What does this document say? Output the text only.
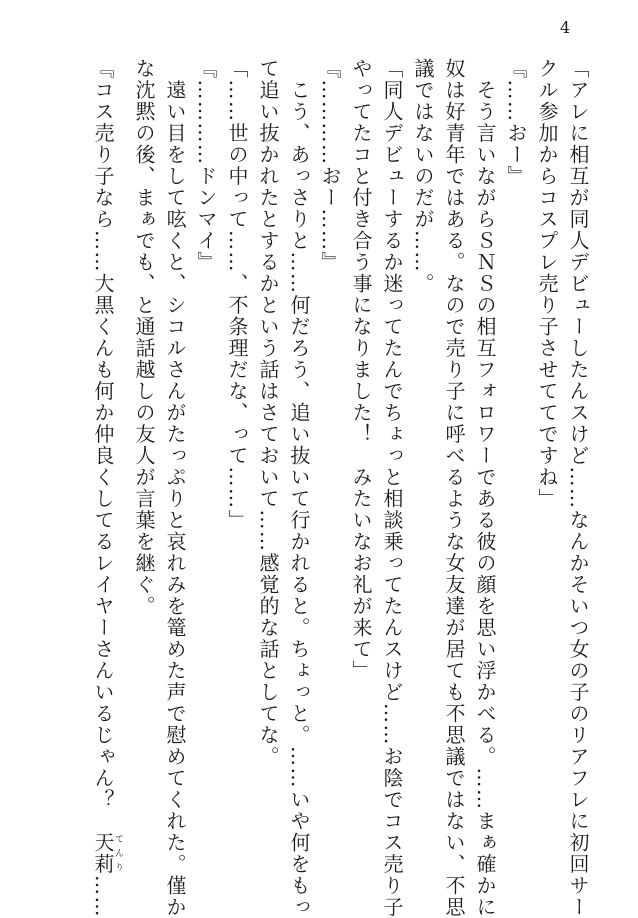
4
「アレに相互が同人デビューしたんスけど……なんかそいつ女の子のリアフレに初回サー
クル参加からコスプレ売り子させててですね」
『……おー』
　そう言いながらＳＮＳの相互フォロワーである彼の顔を思い浮かべる。……まぁ確かに
奴は好青年ではある。なので売り子に呼べるような女友達が居ても不思議ではない、不思
議ではないのだが……。
「同人デビューするか迷ってたんでちょっと相談乗ってたんスけど……お陰でコス売り子
やってたコと付き合う事になりました！　みたいなお礼が来て」
『…………おー……』
　こう、あっさりと……何だろう、追い抜いて行かれると。ちょっと。……いや何をもっ
て追い抜かれたとするかという話はさておいて……感覚的な話としてな。
「……世の中って……、不条理だな、って……」
『…………ドンマイ』
　遠い目をして呟くと、シコルさんがたっぷりと哀れみを篭めた声で慰めてくれた。僅か
な沈黙の後、まぁでも、と通話越しの友人が言葉を継ぐ。
『コス売り子なら……大黒くんも何か仲良くしてるレイヤーさんいるじゃん？　天莉てんり……
